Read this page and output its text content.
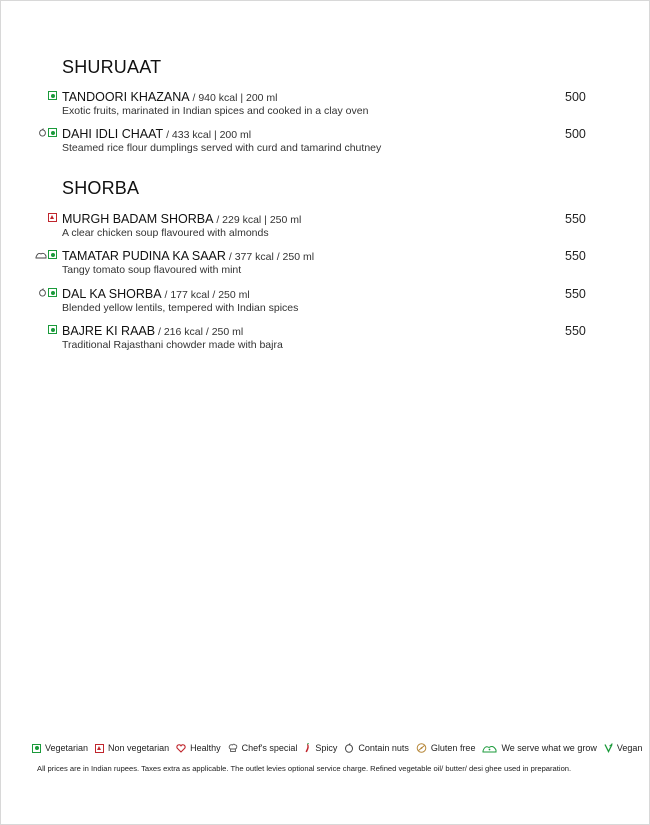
SHURUAAT
TANDOORI KHAZANA / 940 kcal | 200 ml
Exotic fruits, marinated in Indian spices and cooked in a clay oven
500
DAHI IDLI CHAAT / 433 kcal | 200 ml
Steamed rice flour dumplings served with curd and tamarind chutney
500
SHORBA
MURGH BADAM SHORBA / 229 kcal | 250 ml
A clear chicken soup flavoured with almonds
550
TAMATAR PUDINA KA SAAR / 377 kcal / 250 ml
Tangy tomato soup flavoured with mint
550
DAL KA SHORBA / 177 kcal / 250 ml
Blended yellow lentils, tempered with Indian spices
550
BAJRE KI RAAB / 216 kcal / 250 ml
Traditional Rajasthani chowder made with bajra
550
Vegetarian Non vegetarian Healthy Chef's special Spicy Contain nuts Gluten free	We serve what we grow Vegan
All prices are in Indian rupees. Taxes extra as applicable. The outlet levies optional service charge. Refined vegetable oil/ butter/ desi ghee used in preparation.
